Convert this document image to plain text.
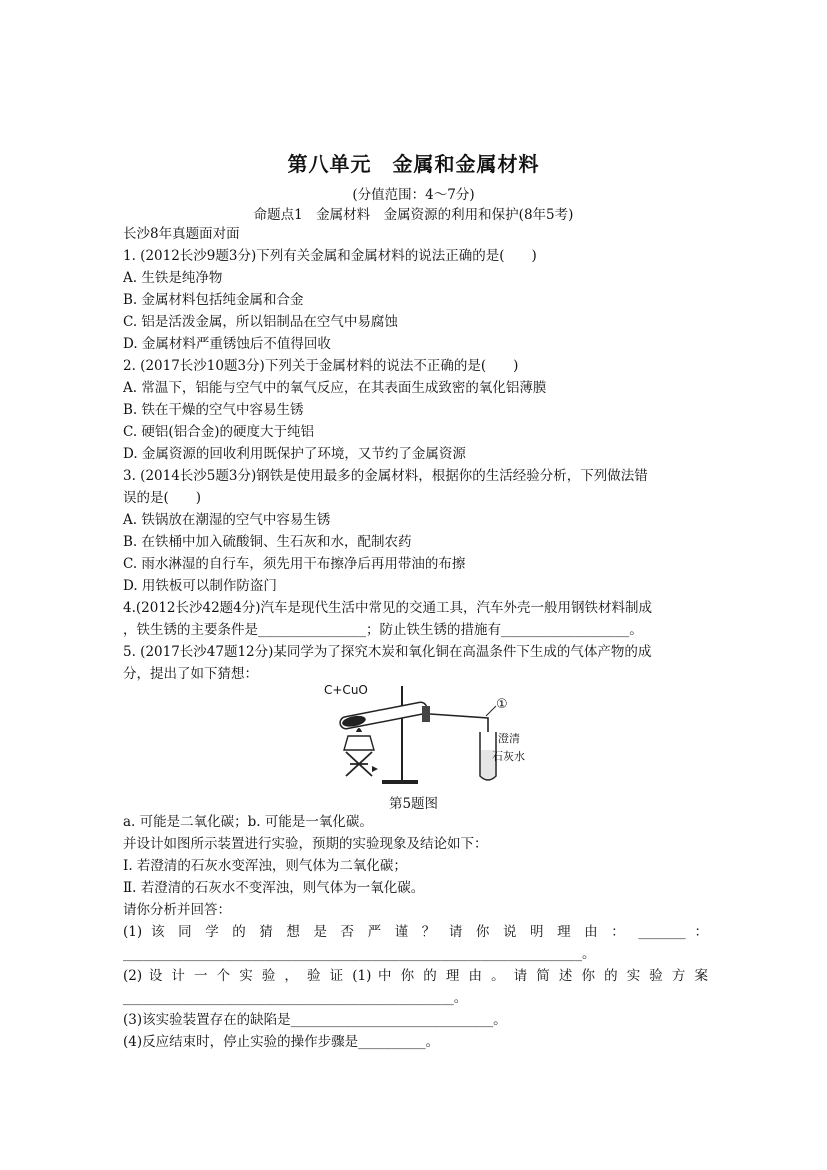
第八单元　金属和金属材料
(分值范围：4～7分)
命题点1　金属材料　金属资源的利用和保护(8年5考)
长沙8年真题面对面
1. (2012长沙9题3分)下列有关金属和金属材料的说法正确的是(　　)
A. 生铁是纯净物
B. 金属材料包括纯金属和合金
C. 铝是活泼金属，所以铝制品在空气中易腐蚀
D. 金属材料严重锈蚀后不值得回收
2. (2017长沙10题3分)下列关于金属材料的说法不正确的是(　　)
A. 常温下，铝能与空气中的氧气反应，在其表面生成致密的氧化铝薄膜
B. 铁在干燥的空气中容易生锈
C. 硬铝(铝合金)的硬度大于纯铝
D. 金属资源的回收利用既保护了环境，又节约了金属资源
3. (2014长沙5题3分)钢铁是使用最多的金属材料，根据你的生活经验分析，下列做法错
误的是(　　)
A. 铁锅放在潮湿的空气中容易生锈
B. 在铁桶中加入硫酸铜、生石灰和水，配制农药
C. 雨水淋湿的自行车，须先用干布擦净后再用带油的布擦
D. 用铁板可以制作防盗门
4.(2012长沙42题4分)汽车是现代生活中常见的交通工具，汽车外壳一般用钢铁材料制成
，铁生锈的主要条件是________________；防止铁生锈的措施有___________________。
5. (2017长沙47题12分)某同学为了探究木炭和氧化铜在高温条件下生成的气体产物的成
分，提出了如下猜想：
C+CuO
①
澄清
石灰水
第5题图
a. 可能是二氧化碳；b. 可能是一氧化碳。
并设计如图所示装置进行实验，预期的实验现象及结论如下：
Ⅰ. 若澄清的石灰水变浑浊，则气体为二氧化碳；
Ⅱ. 若澄清的石灰水不变浑浊，则气体为一氧化碳。
请你分析并回答：
(1) 该 同 学 的 猜 想 是 否 严 谨 ？ 请 你 说 明 理 由 ： _______ ：
____________________________________________________________________。
(2) 设 计 一 个 实 验 ， 验 证 (1) 中 你 的 理 由 。 请 简 述 你 的 实 验 方 案
_________________________________________________。
(3)该实验装置存在的缺陷是______________________________。
(4)反应结束时，停止实验的操作步骤是__________。
